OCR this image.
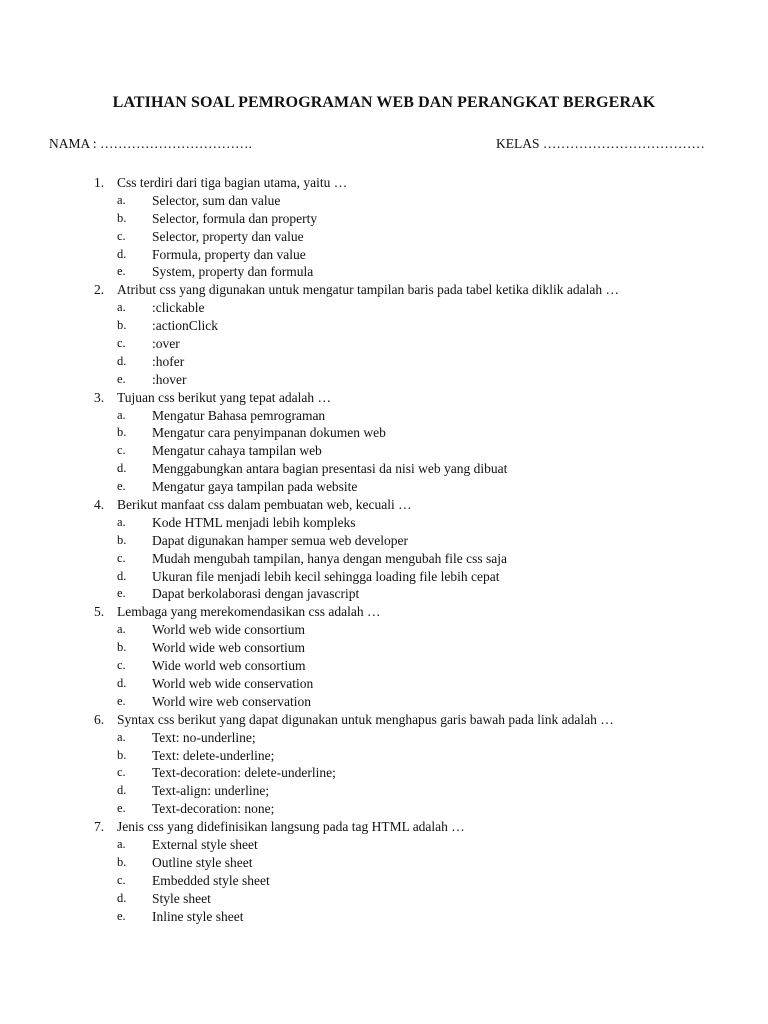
LATIHAN SOAL PEMROGRAMAN WEB DAN PERANGKAT BERGERAK
NAMA : …………………………….	KELAS ………………………………
1. Css terdiri dari tiga bagian utama, yaitu …
a.	Selector, sum dan value
b.	Selector, formula dan property
c.	Selector, property dan value
d.	Formula, property dan value
e.	System, property dan formula
2. Atribut css yang digunakan untuk mengatur tampilan baris pada tabel ketika diklik adalah …
a.	:clickable
b.	:actionClick
c.	:over
d.	:hofer
e.	:hover
3. Tujuan css berikut yang tepat adalah …
a.	Mengatur Bahasa pemrograman
b.	Mengatur cara penyimpanan dokumen web
c.	Mengatur cahaya tampilan web
d.	Menggabungkan antara bagian presentasi da nisi web yang dibuat
e.	Mengatur gaya tampilan pada website
4. Berikut manfaat css dalam pembuatan web, kecuali …
a.	Kode HTML menjadi lebih kompleks
b.	Dapat digunakan hamper semua web developer
c.	Mudah mengubah tampilan, hanya dengan mengubah file css saja
d.	Ukuran file menjadi lebih kecil sehingga loading file lebih cepat
e.	Dapat berkolaborasi dengan javascript
5. Lembaga yang merekomendasikan css adalah …
a.	World web wide consortium
b.	World wide web consortium
c.	Wide world web consortium
d.	World web wide conservation
e.	World wire web conservation
6. Syntax css berikut yang dapat digunakan untuk menghapus garis bawah pada link adalah …
a.	Text: no-underline;
b.	Text: delete-underline;
c.	Text-decoration: delete-underline;
d.	Text-align: underline;
e.	Text-decoration: none;
7. Jenis css yang didefinisikan langsung pada tag HTML adalah …
a.	External style sheet
b.	Outline style sheet
c.	Embedded style sheet
d.	Style sheet
e.	Inline style sheet
